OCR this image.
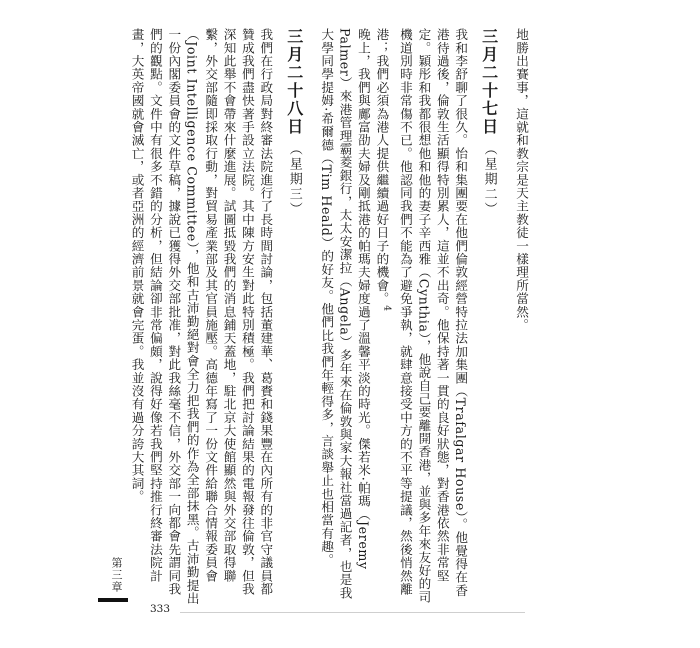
地勝出賽事，這就和教宗是天主教徒一樣理所當然。

三月二十七日（星期二）

我和李舒聊了很久。怡和集團要在他們倫敦經營特拉法加集團（Trafalgar House）。他覺得在香港待過後，倫敦生活顯得特別累人，這並不出奇。他保持著一貫的良好狀態，對香港依然非常堅定。穎彤和我都很想他和他的妻子辛西雅（Cynthia），他說自己要離開香港，並與多年來友好的司機道別時非常傷不已。他認同我們不能為了避免爭執，就肆意接受中方的不平等提議，然後悄然離港；我們必須為港人提供繼續過好日子的機會。$^4$

晚上，我們與鄺富劭夫婦及剛抵港的帕瑪夫婦度過了溫馨平淡的時光。傑若米·帕瑪（Jeremy Palmer）來港管理霸菱銀行，太太安潔拉（Angela）多年來在倫敦與家大報社當過記者，也是我大學同學提姆·希爾德（Tim Heald）的好友。他們比我們年輕得多，言談舉止也相當有趣。

三月二十八日（星期三）

我們在行政局對終審法院進行了長時間討論，包括董建華、葛賚和錢果豐在內所有的非官守議員都贊成我們盡快著手設立法院。其中陳方安生對此特別積極。我們把討論結果的電報發往倫敦，但我深知此舉不會帶來什麼進展。試圖抵毀我們的消息鋪天蓋地，駐北京大使館顯然與外交部取得聯繫，外交部隨即採取行動，對貿易產業部及其官員施壓。高德年寫了一份文件給聯合情報委員會（Joint Intelligence Committee），他和古沛勤絕對會全力把我們的作為全部抹黑。古沛勤提出一份內閣委員會的文件草稿，據說已獲得外交部批准，對此我絲毫不信，外交部一向都會先謂同我們的觀點。文件中有很多不錯的分析，但結論卻非常偏頗，說得好像若我們堅持推行終審法院計畫，大英帝國就會滅亡，或者亞洲的經濟前景就會完蛋。我並沒有過分誇大其詞。

第三章
333
